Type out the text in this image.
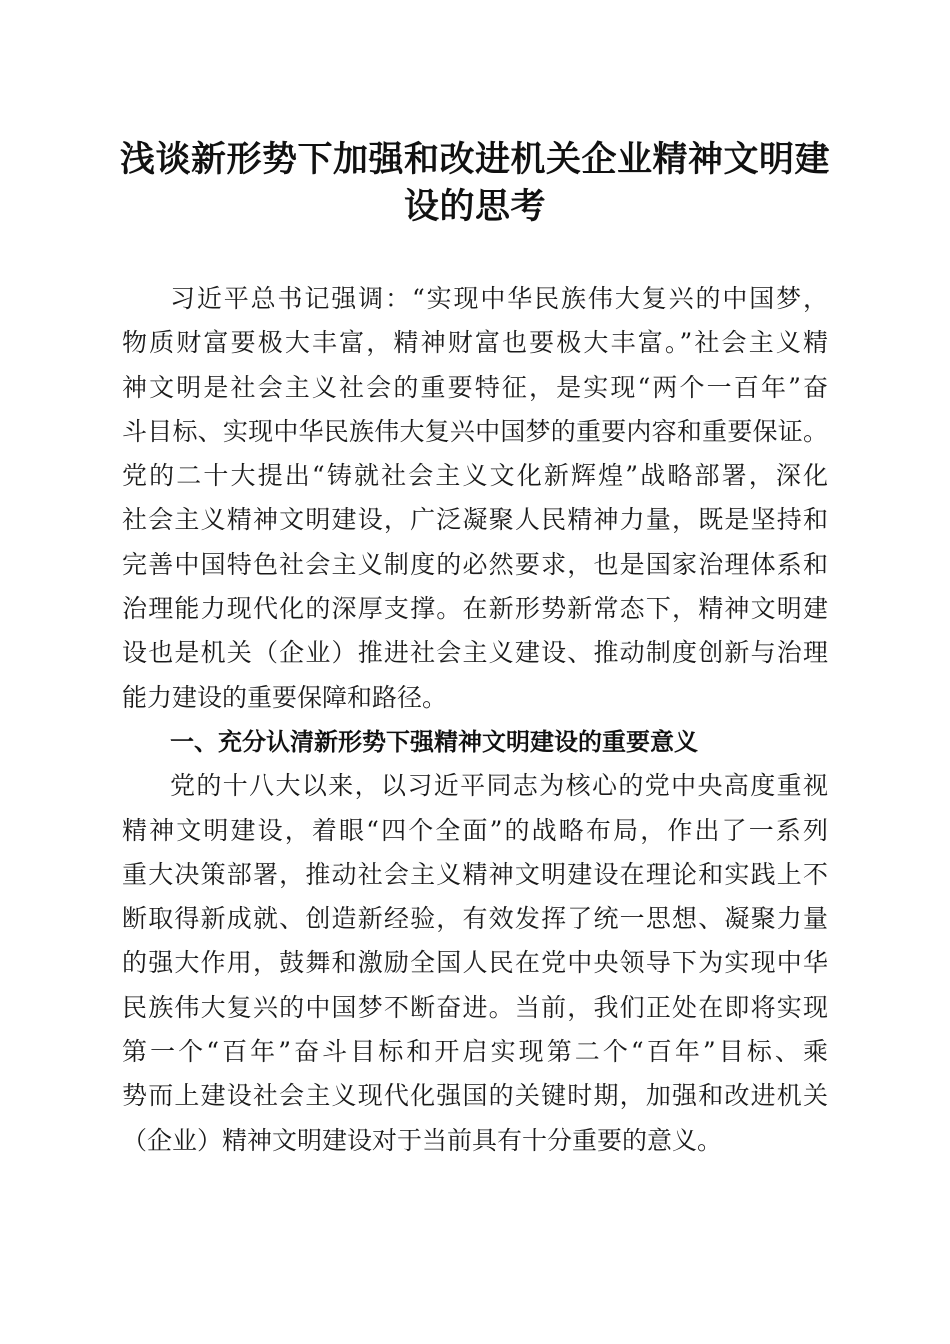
浅谈新形势下加强和改进机关企业精神文明建
设的思考
习近平总书记强调：“实现中华民族伟大复兴的中国梦，
物质财富要极大丰富，精神财富也要极大丰富。”社会主义精
神文明是社会主义社会的重要特征，是实现“两个一百年”奋
斗目标、实现中华民族伟大复兴中国梦的重要内容和重要保证。
党的二十大提出“铸就社会主义文化新辉煌”战略部署，深化
社会主义精神文明建设，广泛凝聚人民精神力量，既是坚持和
完善中国特色社会主义制度的必然要求，也是国家治理体系和
治理能力现代化的深厚支撑。在新形势新常态下，精神文明建
设也是机关（企业）推进社会主义建设、推动制度创新与治理
能力建设的重要保障和路径。
一、充分认清新形势下强精神文明建设的重要意义
党的十八大以来，以习近平同志为核心的党中央高度重视
精神文明建设，着眼“四个全面”的战略布局，作出了一系列
重大决策部署，推动社会主义精神文明建设在理论和实践上不
断取得新成就、创造新经验，有效发挥了统一思想、凝聚力量
的强大作用，鼓舞和激励全国人民在党中央领导下为实现中华
民族伟大复兴的中国梦不断奋进。当前，我们正处在即将实现
第一个“百年”奋斗目标和开启实现第二个“百年”目标、乘
势而上建设社会主义现代化强国的关键时期，加强和改进机关
（企业）精神文明建设对于当前具有十分重要的意义。
